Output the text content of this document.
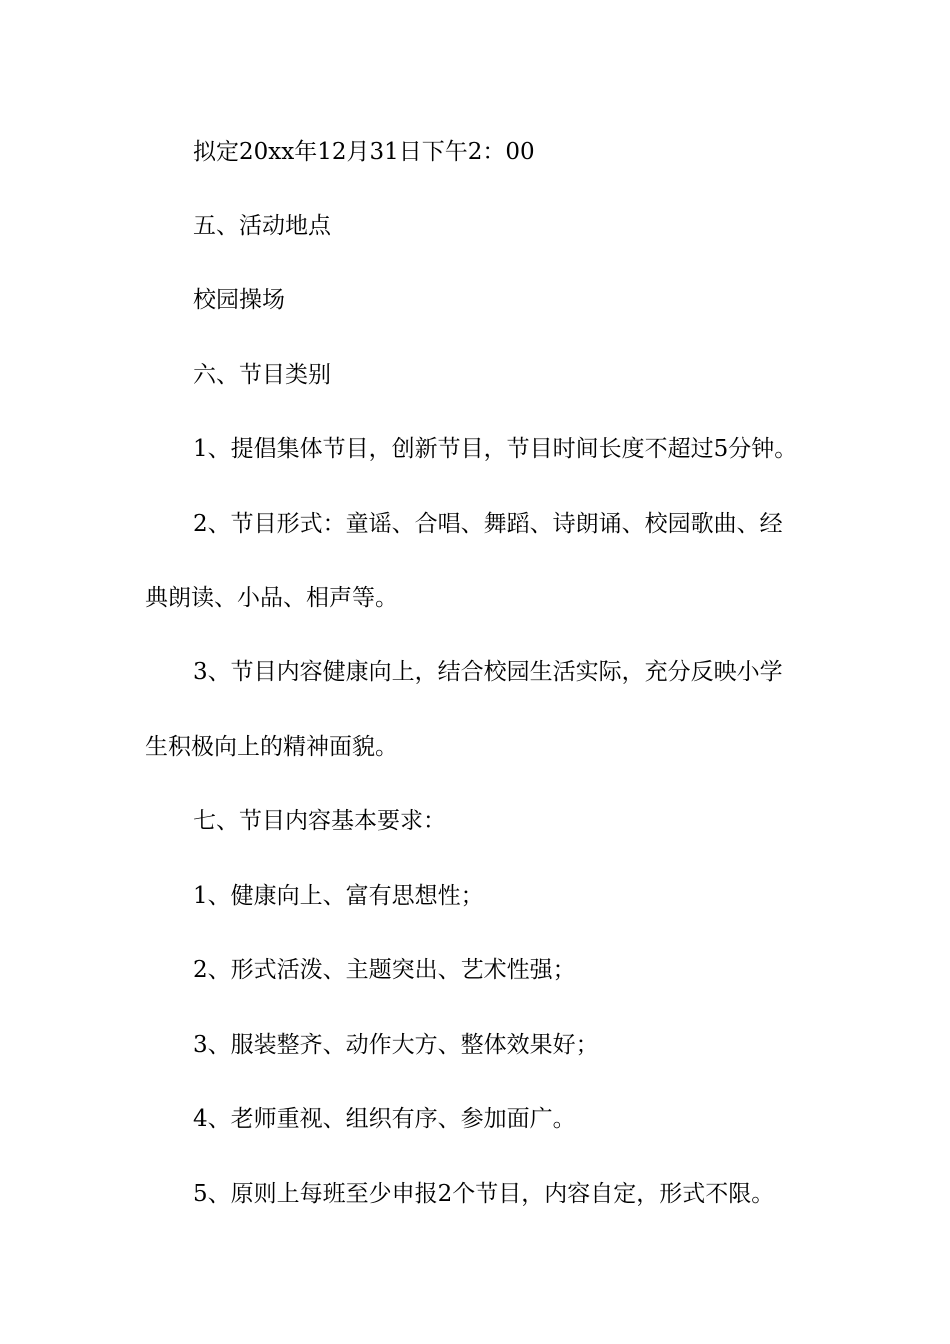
拟定20xx年12月31日下午2：00
五、活动地点
校园操场
六、节目类别
1、提倡集体节目，创新节目，节目时间长度不超过5分钟。
2、节目形式：童谣、合唱、舞蹈、诗朗诵、校园歌曲、经
典朗读、小品、相声等。
3、节目内容健康向上，结合校园生活实际，充分反映小学
生积极向上的精神面貌。
七、节目内容基本要求：
1、健康向上、富有思想性；
2、形式活泼、主题突出、艺术性强；
3、服装整齐、动作大方、整体效果好；
4、老师重视、组织有序、参加面广。
5、原则上每班至少申报2个节目，内容自定，形式不限。
